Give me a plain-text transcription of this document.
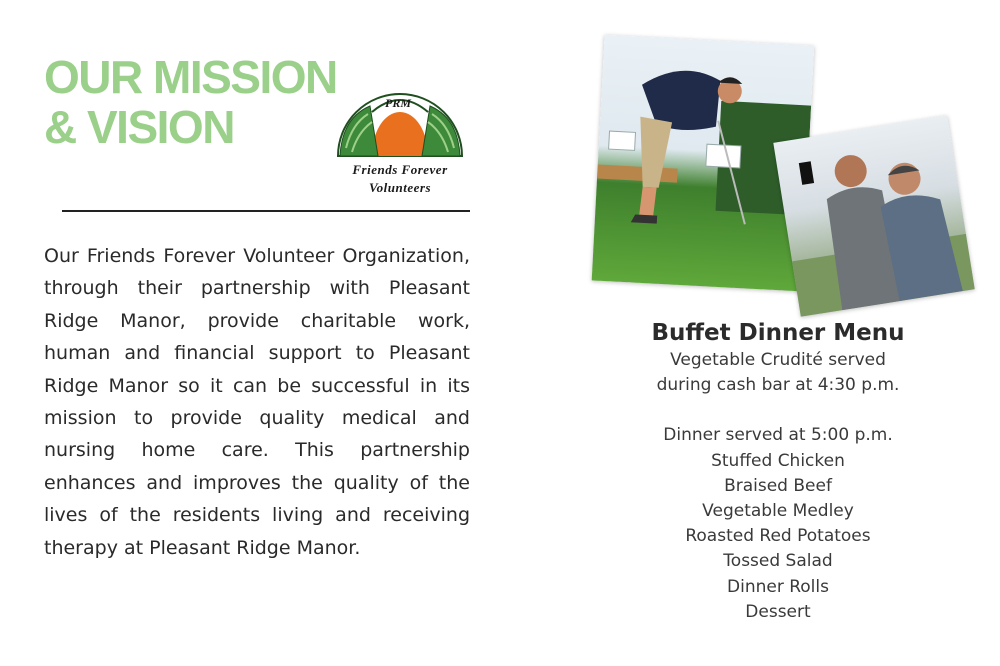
OUR MISSION
& VISION	PRM
Friends Forever
Volunteers

Our Friends Forever Volunteer Organization, through their partnership with Pleasant Ridge Manor, provide charitable work, human and financial support to Pleasant Ridge Manor so it can be successful in its mission to provide quality medical and nursing home care. This partnership enhances and improves the quality of the lives of the residents living and receiving therapy at Pleasant Ridge Manor.

Buffet Dinner Menu
Vegetable Crudité served
during cash bar at 4:30 p.m.
Dinner served at 5:00 p.m.
Stuffed Chicken
Braised Beef
Vegetable Medley
Roasted Red Potatoes
Tossed Salad
Dinner Rolls
Dessert
